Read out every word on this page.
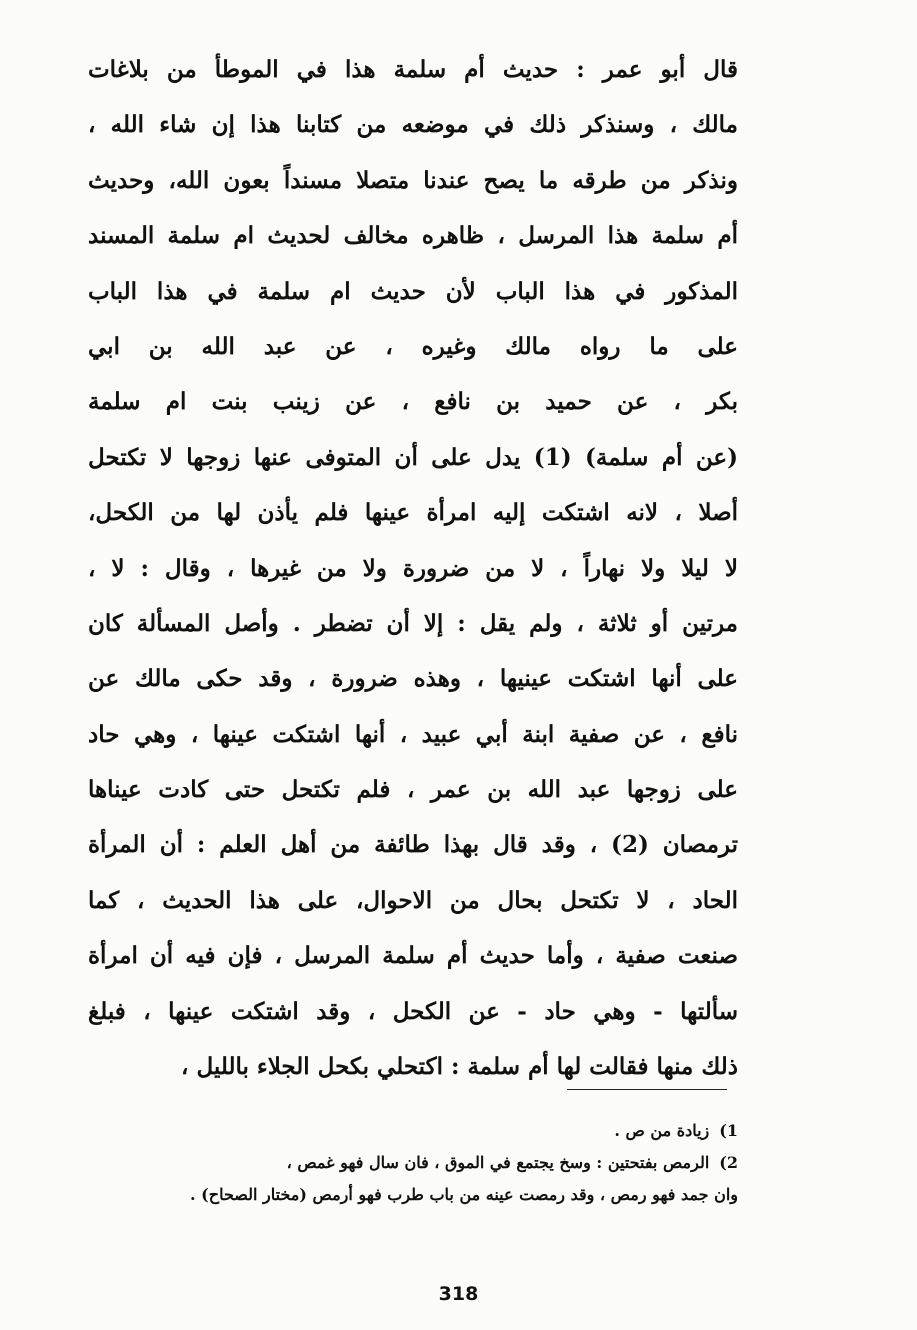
قال أبو عمر : حديث أم سلمة هذا في الموطأ من بلاغات
مالك ، وسنذكر ذلك في موضعه من كتابنا هذا إن شاء الله ،
ونذكر من طرقه ما يصح عندنا متصلا مسنداً بعون الله، وحديث
أم سلمة هذا المرسل ، ظاهره مخالف لحديث ام سلمة المسند
المذكور في هذا الباب لأن حديث ام سلمة في هذا الباب
على ما رواه مالك وغيره ، عن عبد الله بن ابي
بكر ، عن حميد بن نافع ، عن زينب بنت ام سلمة
(عن أم سلمة) (1) يدل على أن المتوفى عنها زوجها لا تكتحل
أصلا ، لانه اشتكت إليه امرأة عينها فلم يأذن لها من الكحل،
لا ليلا ولا نهاراً ، لا من ضرورة ولا من غيرها ، وقال : لا ،
مرتين أو ثلاثة ، ولم يقل : إلا أن تضطر . وأصل المسألة كان
على أنها اشتكت عينيها ، وهذه ضرورة ، وقد حكى مالك عن
نافع ، عن صفية ابنة أبي عبيد ، أنها اشتكت عينها ، وهي حاد
على زوجها عبد الله بن عمر ، فلم تكتحل حتى كادت عيناها
ترمصان (2) ، وقد قال بهذا طائفة من أهل العلم : أن المرأة
الحاد ، لا تكتحل بحال من الاحوال، على هذا الحديث ، كما
صنعت صفية ، وأما حديث أم سلمة المرسل ، فإن فيه أن امرأة
سألتها - وهي حاد - عن الكحل ، وقد اشتكت عينها ، فبلغ
ذلك منها فقالت لها أم سلمة : اكتحلي بكحل الجلاء بالليل ،
1)زيادة من ص .
2)الرمص بفتحتين : وسخ يجتمع في الموق ، فان سال فهو غمص ،
وان جمد فهو رمص ، وقد رمصت عينه من باب طرب فهو أرمص (مختار الصحاح) .
318
